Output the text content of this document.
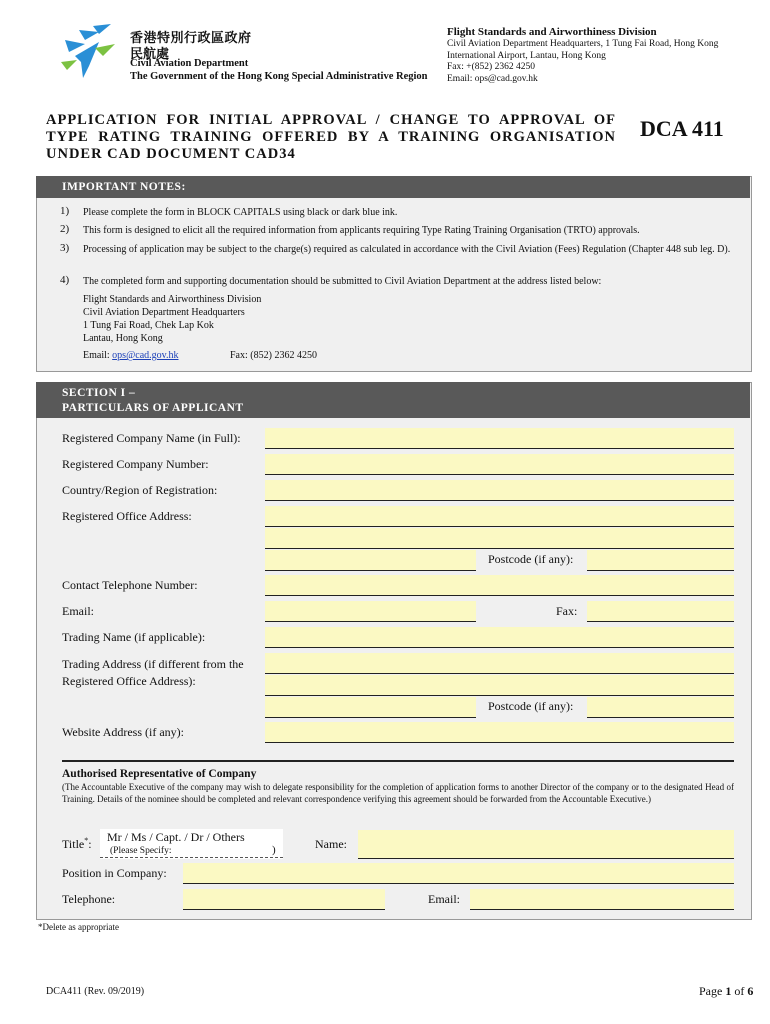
香港特別行政區政府
民航處
Civil Aviation Department
The Government of the Hong Kong Special Administrative Region
Flight Standards and Airworthiness Division
Civil Aviation Department Headquarters, 1 Tung Fai Road, Hong Kong International Airport, Lantau, Hong Kong
Fax: +(852) 2362 4250
Email: ops@cad.gov.hk
APPLICATION FOR INITIAL APPROVAL / CHANGE TO APPROVAL OF TYPE RATING TRAINING OFFERED BY A TRAINING ORGANISATION UNDER CAD DOCUMENT CAD34
DCA 411
IMPORTANT NOTES:
1) Please complete the form in BLOCK CAPITALS using black or dark blue ink.
2) This form is designed to elicit all the required information from applicants requiring Type Rating Training Organisation (TRTO) approvals.
3) Processing of application may be subject to the charge(s) required as calculated in accordance with the Civil Aviation (Fees) Regulation (Chapter 448 sub leg. D).
4) The completed form and supporting documentation should be submitted to Civil Aviation Department at the address listed below:
Flight Standards and Airworthiness Division
Civil Aviation Department Headquarters
1 Tung Fai Road, Chek Lap Kok
Lantau, Hong Kong
Email: ops@cad.gov.hk	Fax: (852) 2362 4250
SECTION I –
PARTICULARS OF APPLICANT
Registered Company Name (in Full):
Registered Company Number:
Country/Region of Registration:
Registered Office Address:
Postcode (if any):
Contact Telephone Number:
Email:	Fax:
Trading Name (if applicable):
Trading Address (if different from the
Registered Office Address):
Postcode (if any):
Website Address (if any):
Authorised Representative of Company
(The Accountable Executive of the company may wish to delegate responsibility for the completion of application forms to another Director of the company or to the designated Head of Training. Details of the nominee should be completed and relevant correspondence verifying this agreement should be forwarded from the Accountable Executive.)
Title*: Mr / Ms / Capt. / Dr / Others
(Please Specify:	)	Name:
Position in Company:
Telephone:	Email:
*Delete as appropriate
DCA411 (Rev. 09/2019)	Page 1 of 6
